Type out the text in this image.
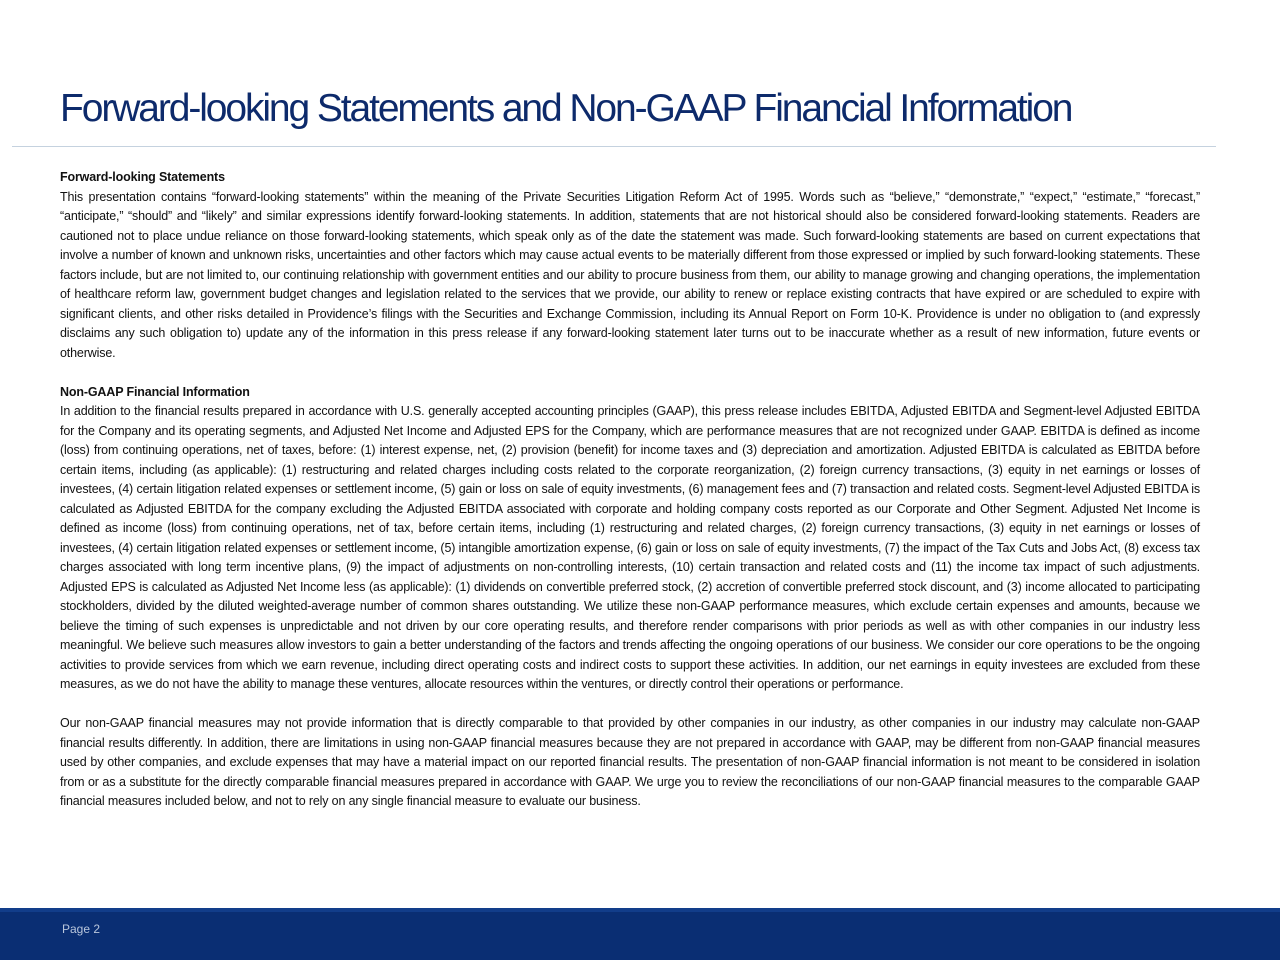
Forward-looking Statements and Non-GAAP Financial Information

Forward-looking Statements

This presentation contains “forward-looking statements” within the meaning of the Private Securities Litigation Reform Act of 1995. Words such as “believe,” “demonstrate,” “expect,” “estimate,” “forecast,” “anticipate,” “should” and “likely” and similar expressions identify forward-looking statements. In addition, statements that are not historical should also be considered forward-looking statements. Readers are cautioned not to place undue reliance on those forward-looking statements, which speak only as of the date the statement was made. Such forward-looking statements are based on current expectations that involve a number of known and unknown risks, uncertainties and other factors which may cause actual events to be materially different from those expressed or implied by such forward-looking statements. These factors include, but are not limited to, our continuing relationship with government entities and our ability to procure business from them, our ability to manage growing and changing operations, the implementation of healthcare reform law, government budget changes and legislation related to the services that we provide, our ability to renew or replace existing contracts that have expired or are scheduled to expire with significant clients, and other risks detailed in Providence’s filings with the Securities and Exchange Commission, including its Annual Report on Form 10-K. Providence is under no obligation to (and expressly disclaims any such obligation to) update any of the information in this press release if any forward-looking statement later turns out to be inaccurate whether as a result of new information, future events or otherwise.

Non-GAAP Financial Information

In addition to the financial results prepared in accordance with U.S. generally accepted accounting principles (GAAP), this press release includes EBITDA, Adjusted EBITDA and Segment-level Adjusted EBITDA for the Company and its operating segments, and Adjusted Net Income and Adjusted EPS for the Company, which are performance measures that are not recognized under GAAP. EBITDA is defined as income (loss) from continuing operations, net of taxes, before: (1) interest expense, net, (2) provision (benefit) for income taxes and (3) depreciation and amortization. Adjusted EBITDA is calculated as EBITDA before certain items, including (as applicable): (1) restructuring and related charges including costs related to the corporate reorganization, (2) foreign currency transactions, (3) equity in net earnings or losses of investees, (4) certain litigation related expenses or settlement income, (5) gain or loss on sale of equity investments, (6) management fees and (7) transaction and related costs. Segment-level Adjusted EBITDA is calculated as Adjusted EBITDA for the company excluding the Adjusted EBITDA associated with corporate and holding company costs reported as our Corporate and Other Segment. Adjusted Net Income is defined as income (loss) from continuing operations, net of tax, before certain items, including (1) restructuring and related charges, (2) foreign currency transactions, (3) equity in net earnings or losses of investees, (4) certain litigation related expenses or settlement income, (5) intangible amortization expense, (6) gain or loss on sale of equity investments, (7) the impact of the Tax Cuts and Jobs Act, (8) excess tax charges associated with long term incentive plans, (9) the impact of adjustments on non-controlling interests, (10) certain transaction and related costs and (11) the income tax impact of such adjustments. Adjusted EPS is calculated as Adjusted Net Income less (as applicable): (1) dividends on convertible preferred stock, (2) accretion of convertible preferred stock discount, and (3) income allocated to participating stockholders, divided by the diluted weighted-average number of common shares outstanding. We utilize these non-GAAP performance measures, which exclude certain expenses and amounts, because we believe the timing of such expenses is unpredictable and not driven by our core operating results, and therefore render comparisons with prior periods as well as with other companies in our industry less meaningful. We believe such measures allow investors to gain a better understanding of the factors and trends affecting the ongoing operations of our business. We consider our core operations to be the ongoing activities to provide services from which we earn revenue, including direct operating costs and indirect costs to support these activities. In addition, our net earnings in equity investees are excluded from these measures, as we do not have the ability to manage these ventures, allocate resources within the ventures, or directly control their operations or performance.

Our non-GAAP financial measures may not provide information that is directly comparable to that provided by other companies in our industry, as other companies in our industry may calculate non-GAAP financial results differently. In addition, there are limitations in using non-GAAP financial measures because they are not prepared in accordance with GAAP, may be different from non-GAAP financial measures used by other companies, and exclude expenses that may have a material impact on our reported financial results. The presentation of non-GAAP financial information is not meant to be considered in isolation from or as a substitute for the directly comparable financial measures prepared in accordance with GAAP. We urge you to review the reconciliations of our non-GAAP financial measures to the comparable GAAP financial measures included below, and not to rely on any single financial measure to evaluate our business.

Page 2
